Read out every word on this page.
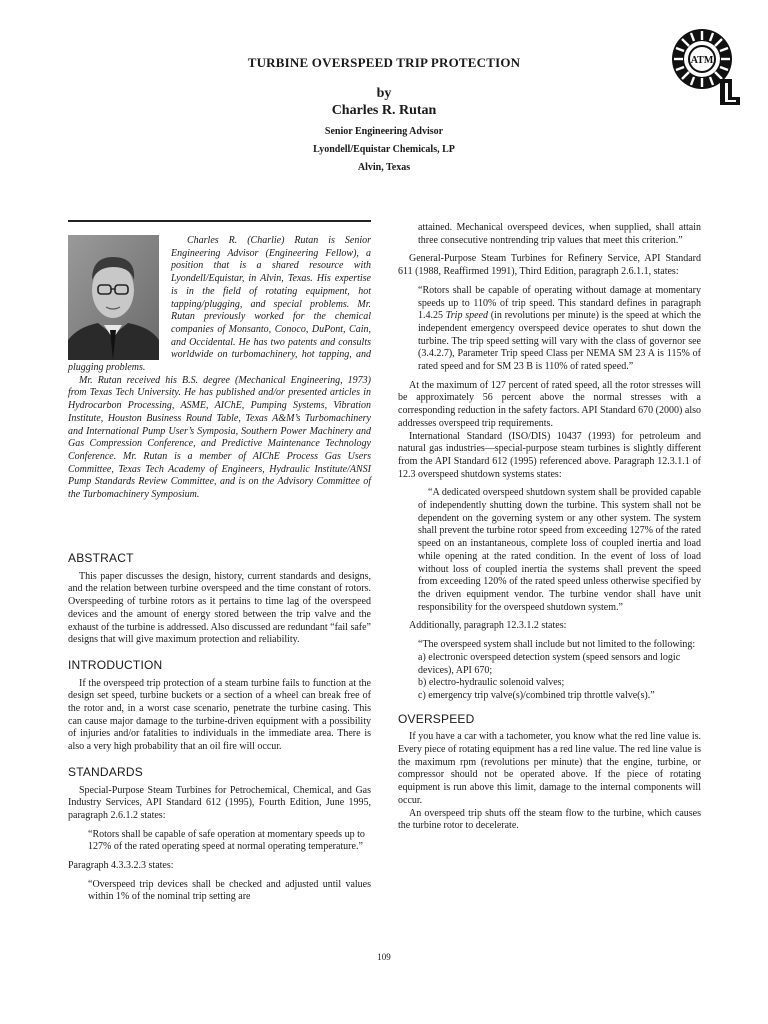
TURBINE OVERSPEED TRIP PROTECTION
by
Charles R. Rutan
Senior Engineering Advisor
Lyondell/Equistar Chemicals, LP
Alvin, Texas
ATM

Charles R. (Charlie) Rutan is Senior Engineering Advisor (Engineering Fellow), a position that is a shared resource with Lyondell/Equistar, in Alvin, Texas. His expertise is in the field of rotating equipment, hot tapping/plugging, and special problems. Mr. Rutan previously worked for the chemical companies of Monsanto, Conoco, DuPont, Cain, and Occidental. He has two patents and consults worldwide on turbomachinery, hot tapping, and plugging problems.

Mr. Rutan received his B.S. degree (Mechanical Engineering, 1973) from Texas Tech University. He has published and/or presented articles in Hydrocarbon Processing, ASME, AIChE, Pumping Systems, Vibration Institute, Houston Business Round Table, Texas A&M’s Turbomachinery and International Pump User’s Symposia, Southern Power Machinery and Gas Compression Conference, and Predictive Maintenance Technology Conference. Mr. Rutan is a member of AIChE Process Gas Users Committee, Texas Tech Academy of Engineers, Hydraulic Institute/ANSI Pump Standards Review Committee, and is on the Advisory Committee of the Turbomachinery Symposium.

ABSTRACT

This paper discusses the design, history, current standards and designs, and the relation between turbine overspeed and the time constant of rotors. Overspeeding of turbine rotors as it pertains to time lag of the overspeed devices and the amount of energy stored between the trip valve and the exhaust of the turbine is addressed. Also discussed are redundant “fail safe” designs that will give maximum protection and reliability.

INTRODUCTION

If the overspeed trip protection of a steam turbine fails to function at the design set speed, turbine buckets or a section of a wheel can break free of the rotor and, in a worst case scenario, penetrate the turbine casing. This can cause major damage to the turbine-driven equipment with a possibility of injuries and/or fatalities to individuals in the immediate area. There is also a very high probability that an oil fire will occur.

STANDARDS

Special-Purpose Steam Turbines for Petrochemical, Chemical, and Gas Industry Services, API Standard 612 (1995), Fourth Edition, June 1995, paragraph 2.6.1.2 states:

“Rotors shall be capable of safe operation at momentary speeds up to 127% of the rated operating speed at normal operating temperature.”

Paragraph 4.3.3.2.3 states:

“Overspeed trip devices shall be checked and adjusted until values within 1% of the nominal trip setting are

attained. Mechanical overspeed devices, when supplied, shall attain three consecutive nontrending trip values that meet this criterion.”

General-Purpose Steam Turbines for Refinery Service, API Standard 611 (1988, Reaffirmed 1991), Third Edition, paragraph 2.6.1.1, states:

“Rotors shall be capable of operating without damage at momentary speeds up to 110% of trip speed. This standard defines in paragraph 1.4.25 Trip speed (in revolutions per minute) is the speed at which the independent emergency overspeed device operates to shut down the turbine. The trip speed setting will vary with the class of governor see (3.4.2.7), Parameter Trip speed Class per NEMA SM 23 A is 115% of rated speed and for SM 23 B is 110% of rated speed.”

At the maximum of 127 percent of rated speed, all the rotor stresses will be approximately 56 percent above the normal stresses with a corresponding reduction in the safety factors. API Standard 670 (2000) also addresses overspeed trip requirements.

International Standard (ISO/DIS) 10437 (1993) for petroleum and natural gas industries—special-purpose steam turbines is slightly different from the API Standard 612 (1995) referenced above. Paragraph 12.3.1.1 of 12.3 overspeed shutdown systems states:

“A dedicated overspeed shutdown system shall be provided capable of independently shutting down the turbine. This system shall not be dependent on the governing system or any other system. The system shall prevent the turbine rotor speed from exceeding 127% of the rated speed on an instantaneous, complete loss of coupled inertia and load while opening at the rated condition. In the event of loss of load without loss of coupled inertia the systems shall prevent the speed from exceeding 120% of the rated speed unless otherwise specified by the driven equipment vendor. The turbine vendor shall have unit responsibility for the overspeed shutdown system.”

Additionally, paragraph 12.3.1.2 states:

“The overspeed system shall include but not limited to the following:

a) electronic overspeed detection system (speed sensors and logic devices), API 670;

b) electro-hydraulic solenoid valves;

c) emergency trip valve(s)/combined trip throttle valve(s).”

OVERSPEED

If you have a car with a tachometer, you know what the red line value is. Every piece of rotating equipment has a red line value. The red line value is the maximum rpm (revolutions per minute) that the engine, turbine, or compressor should not be operated above. If the piece of rotating equipment is run above this limit, damage to the internal components will occur.

An overspeed trip shuts off the steam flow to the turbine, which causes the turbine rotor to decelerate.

109
